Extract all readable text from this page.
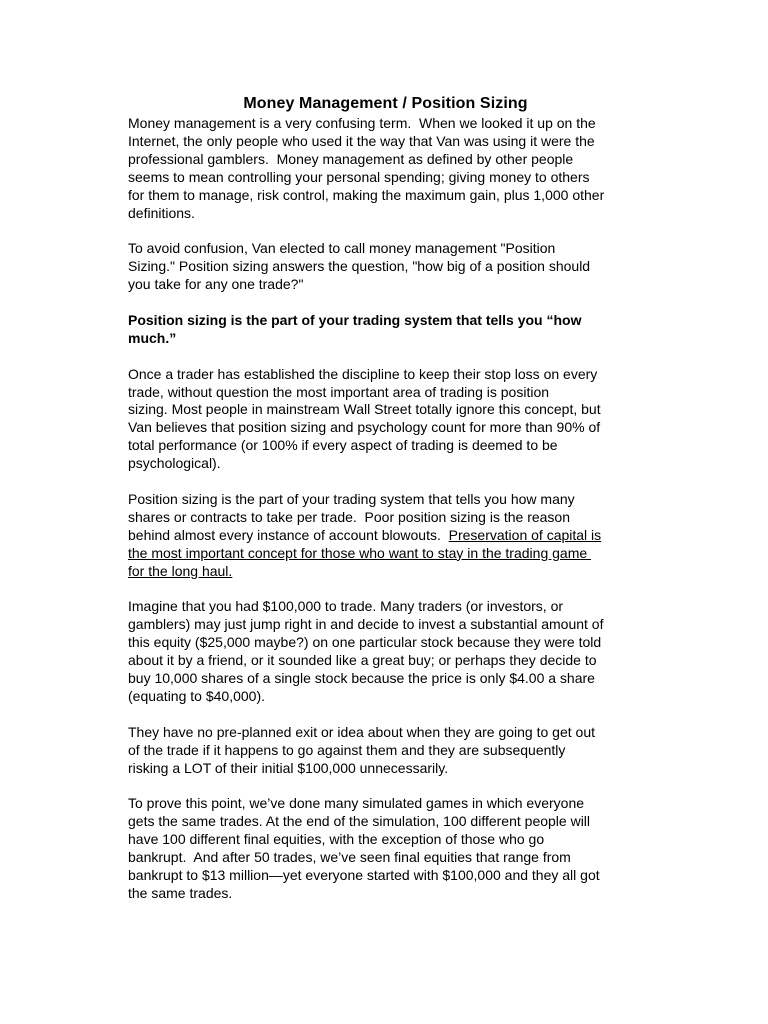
Money Management / Position Sizing
Money management is a very confusing term.  When we looked it up on the
Internet, the only people who used it the way that Van was using it were the
professional gamblers.  Money management as defined by other people
seems to mean controlling your personal spending; giving money to others
for them to manage, risk control, making the maximum gain, plus 1,000 other
definitions.
To avoid confusion, Van elected to call money management "Position
Sizing." Position sizing answers the question, "how big of a position should
you take for any one trade?"
Position sizing is the part of your trading system that tells you “how
much.”
Once a trader has established the discipline to keep their stop loss on every
trade, without question the most important area of trading is position
sizing. Most people in mainstream Wall Street totally ignore this concept, but
Van believes that position sizing and psychology count for more than 90% of
total performance (or 100% if every aspect of trading is deemed to be
psychological).
Position sizing is the part of your trading system that tells you how many
shares or contracts to take per trade.  Poor position sizing is the reason
behind almost every instance of account blowouts.  Preservation of capital is
the most important concept for those who want to stay in the trading game
for the long haul.
Imagine that you had $100,000 to trade. Many traders (or investors, or
gamblers) may just jump right in and decide to invest a substantial amount of
this equity ($25,000 maybe?) on one particular stock because they were told
about it by a friend, or it sounded like a great buy; or perhaps they decide to
buy 10,000 shares of a single stock because the price is only $4.00 a share
(equating to $40,000).
They have no pre-planned exit or idea about when they are going to get out
of the trade if it happens to go against them and they are subsequently
risking a LOT of their initial $100,000 unnecessarily.
To prove this point, we’ve done many simulated games in which everyone
gets the same trades. At the end of the simulation, 100 different people will
have 100 different final equities, with the exception of those who go
bankrupt.  And after 50 trades, we’ve seen final equities that range from
bankrupt to $13 million—yet everyone started with $100,000 and they all got
the same trades.
